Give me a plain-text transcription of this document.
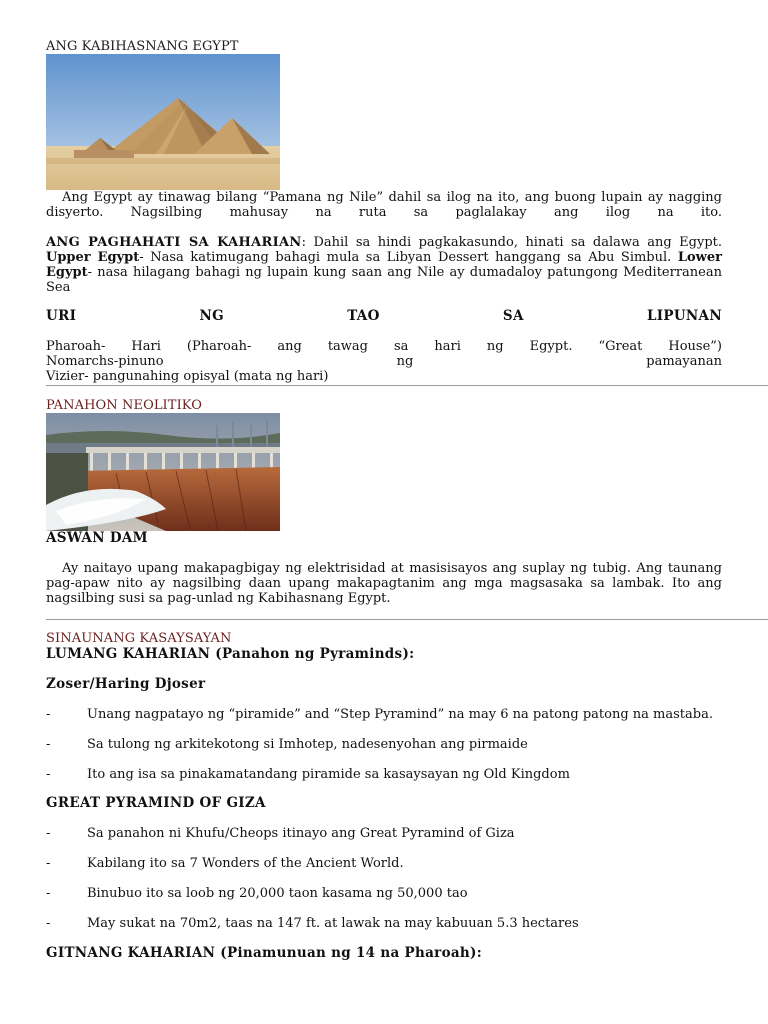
ANG KABIHASNANG EGYPT
Ang Egypt ay tinawag bilang “Pamana ng Nile” dahil sa ilog na ito, ang buong lupain ay nagging
disyerto. Nagsilbing mahusay na ruta sa paglalakay ang ilog na ito.
ANG PAGHAHATI SA KAHARIAN: Dahil sa hindi pagkakasundo, hinati sa dalawa ang Egypt. Upper Egypt- Nasa katimugang bahagi mula sa Libyan Dessert hanggang sa Abu Simbul. Lower Egypt- nasa hilagang bahagi ng lupain kung saan ang Nile ay dumadaloy patungong Mediterranean Sea
URI	NG	TAO	SA	LIPUNAN
Pharoah- Hari (Pharoah- ang tawag sa hari ng Egypt. “Great House”)
Nomarchs-pinuno ng pamayanan
Vizier- pangunahing opisyal (mata ng hari)
PANAHON NEOLITIKO
ASWAN DAM
Ay naitayo upang makapagbigay ng elektrisidad at masisisayos ang suplay ng tubig. Ang taunang pag-apaw nito ay nagsilbing daan upang makapagtanim ang mga magsasaka sa lambak. Ito ang nagsilbing susi sa pag-unlad ng Kabihasnang Egypt.
SINAUNANG KASAYSAYAN
LUMANG KAHARIAN (Panahon ng Pyraminds):
Zoser/Haring Djoser
-	Unang nagpatayo ng “piramide” and “Step Pyramind” na may 6 na patong patong na mastaba.
-	Sa tulong ng arkitekotong si Imhotep, nadesenyohan ang pirmaide
-	Ito ang isa sa pinakamatandang piramide sa kasaysayan ng Old Kingdom
GREAT PYRAMIND OF GIZA
-	Sa panahon ni Khufu/Cheops itinayo ang Great Pyramind of Giza
-	Kabilang ito sa 7 Wonders of the Ancient World.
-	Binubuo ito sa loob ng 20,000 taon kasama ng 50,000 tao
-	May sukat na 70m2, taas na 147 ft. at lawak na may kabuuan 5.3 hectares
GITNANG KAHARIAN (Pinamunuan ng 14 na Pharoah):
